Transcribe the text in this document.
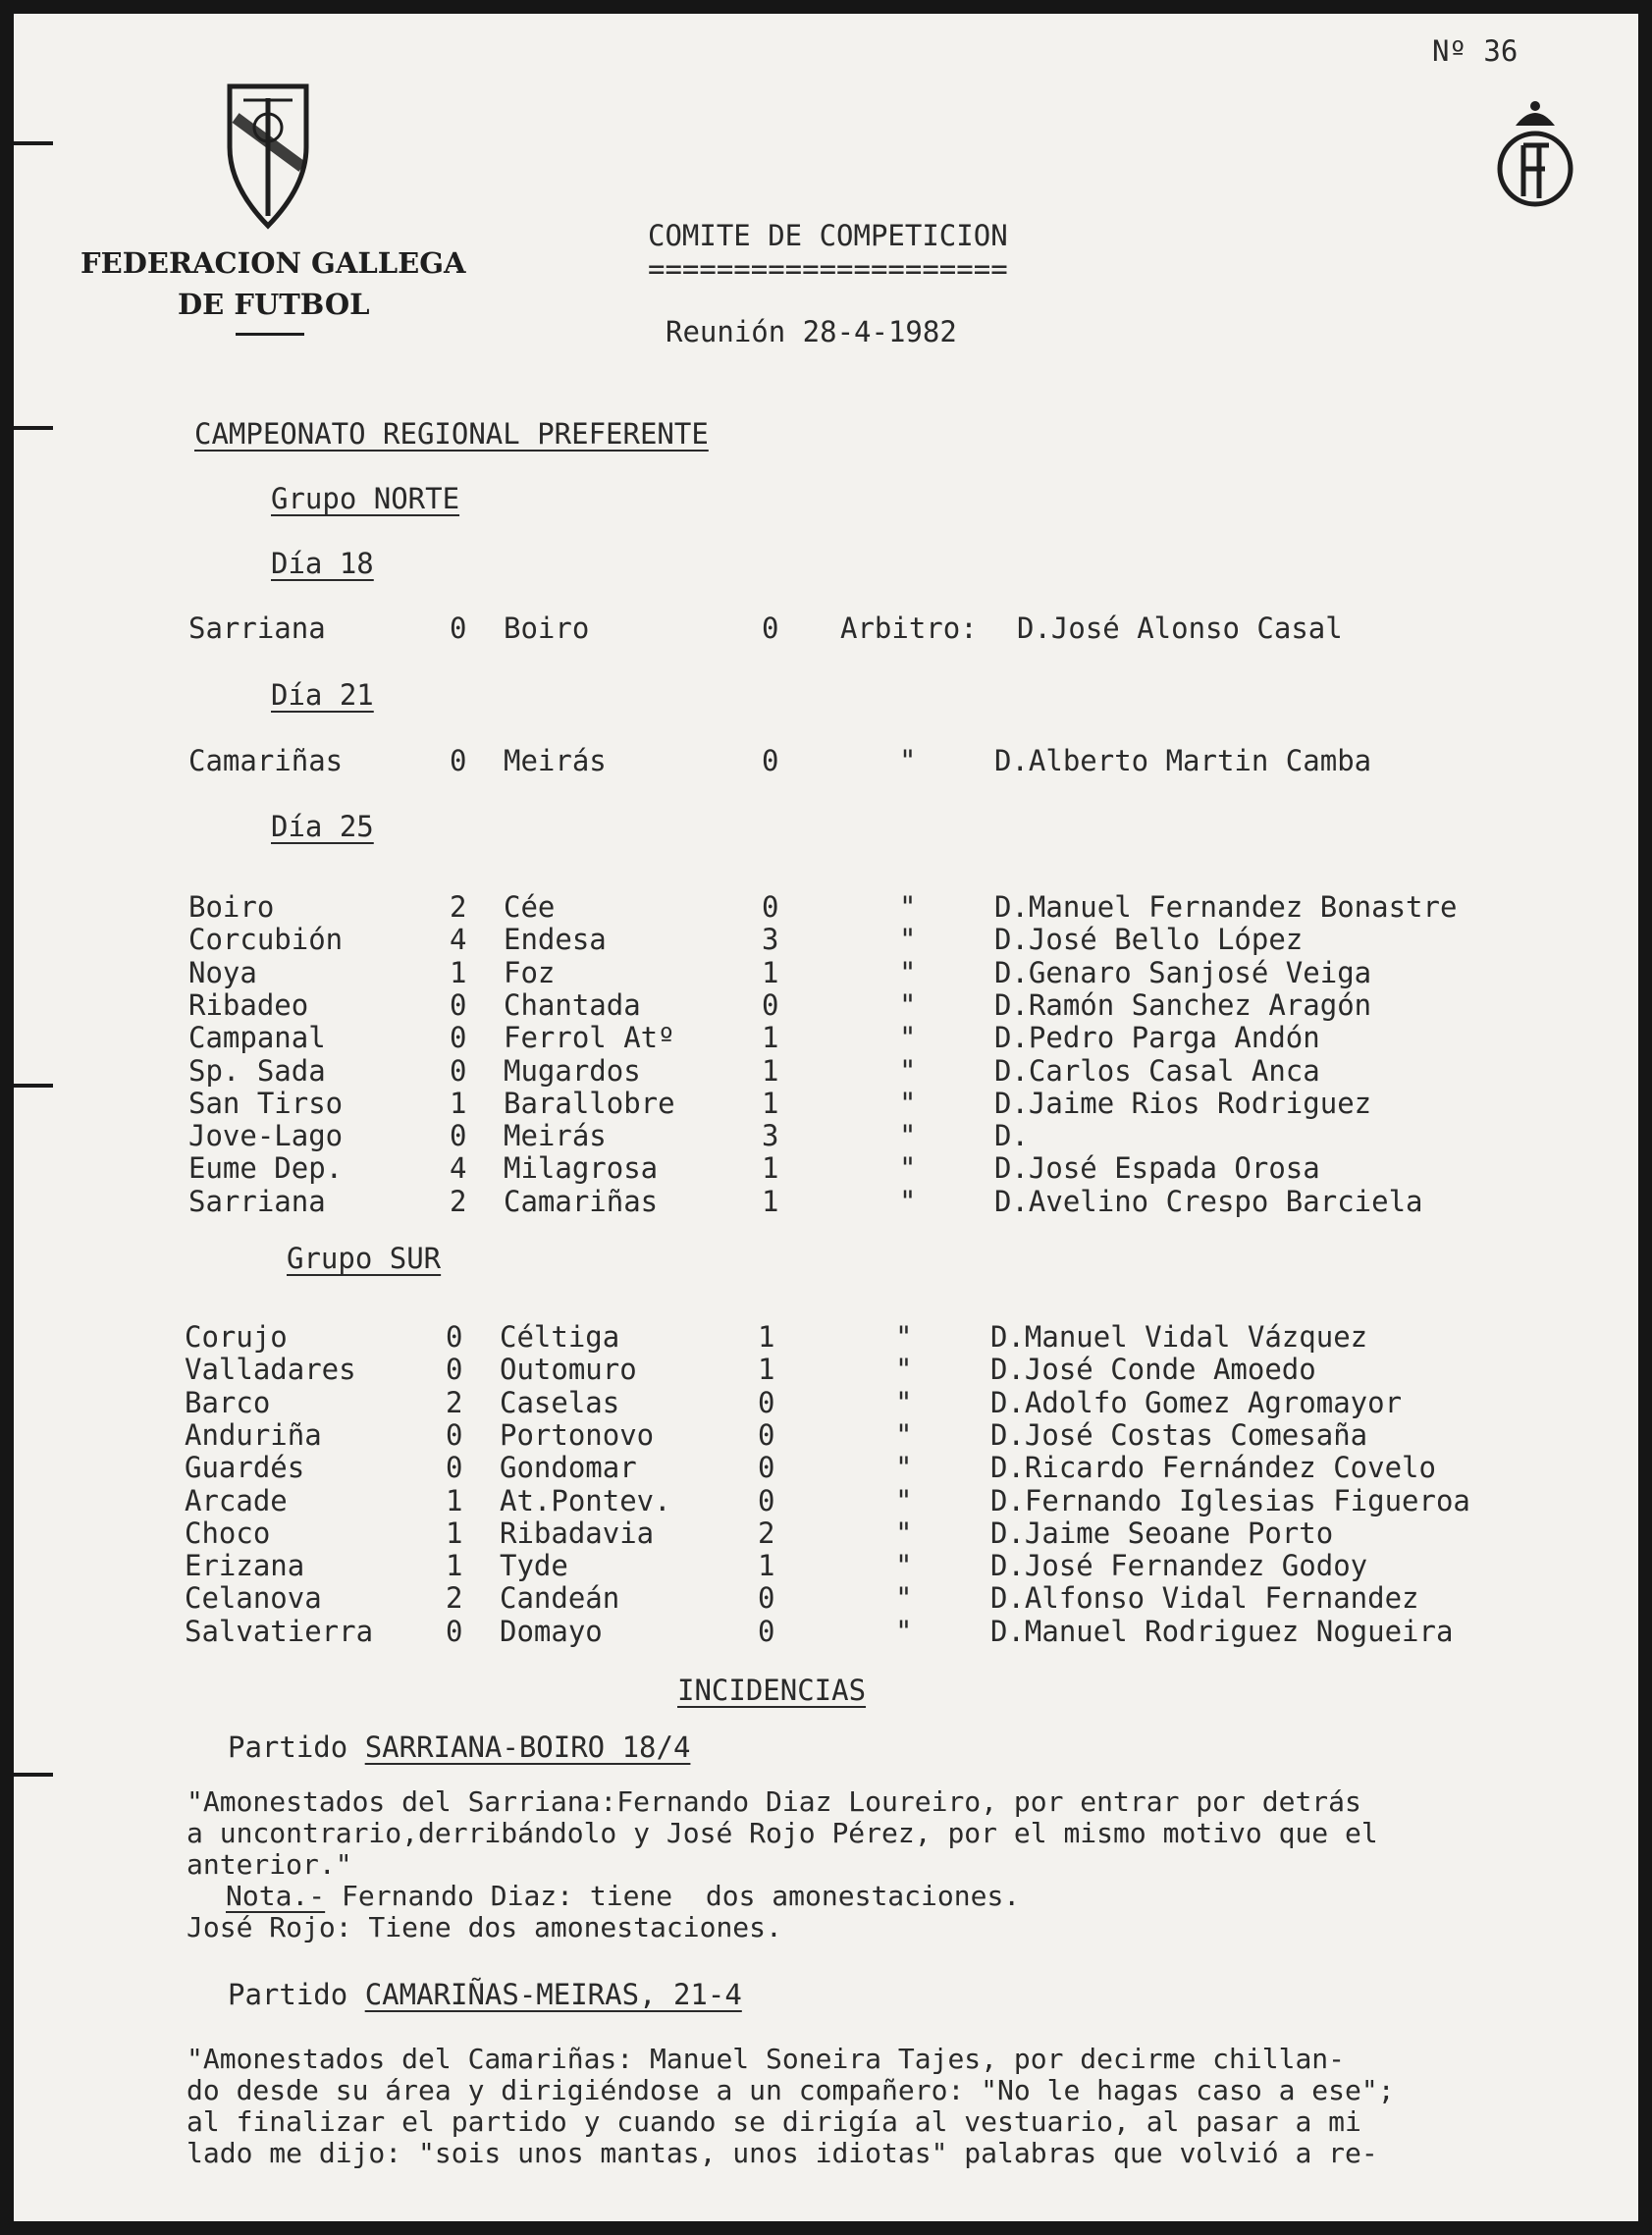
Nº 36
FEDERACION GALLEGA
DE FUTBOL
COMITE DE COMPETICION
=====================
Reunión 28-4-1982
CAMPEONATO REGIONAL PREFERENTE
Grupo NORTE
Día 18
Sarriana	0 Boiro	0 Arbitro: D.José Alonso Casal
Día 21
Camariñas	0 Meirás	0	"	D.Alberto Martin Camba
Día 25
Boiro	2 Cée	0	"	D.Manuel Fernandez Bonastre
Corcubión	4 Endesa	3	"	D.José Bello López
Noya	1 Foz	1	"	D.Genaro Sanjosé Veiga
Ribadeo	0 Chantada	0	"	D.Ramón Sanchez Aragón
Campanal	0 Ferrol Atº	1	"	D.Pedro Parga Andón
Sp. Sada	0 Mugardos	1	"	D.Carlos Casal Anca
San Tirso	1 Barallobre	1	"	D.Jaime Rios Rodriguez
Jove-Lago	0 Meirás	3	"	D.
Eume Dep.	4 Milagrosa	1	"	D.José Espada Orosa
Sarriana	2 Camariñas	1	"	D.Avelino Crespo Barciela
Grupo SUR
Corujo	0 Céltiga	1	"	D.Manuel Vidal Vázquez
Valladares	0 Outomuro	1	"	D.José Conde Amoedo
Barco	2 Caselas	0	"	D.Adolfo Gomez Agromayor
Anduriña	0 Portonovo	0	"	D.José Costas Comesaña
Guardés	0 Gondomar	0	"	D.Ricardo Fernández Covelo
Arcade	1 At.Pontev.	0	"	D.Fernando Iglesias Figueroa
Choco	1 Ribadavia	2	"	D.Jaime Seoane Porto
Erizana	1 Tyde	1	"	D.José Fernandez Godoy
Celanova	2 Candeán	0	"	D.Alfonso Vidal Fernandez
Salvatierra	0 Domayo	0	"	D.Manuel Rodriguez Nogueira
INCIDENCIAS
Partido SARRIANA-BOIRO 18/4
"Amonestados del Sarriana:Fernando Diaz Loureiro, por entrar por detrás
a uncontrario,derribándolo y José Rojo Pérez, por el mismo motivo que el
anterior."
Nota.- Fernando Diaz: tiene  dos amonestaciones.
José Rojo: Tiene dos amonestaciones.
Partido CAMARIÑAS-MEIRAS, 21-4
"Amonestados del Camariñas: Manuel Soneira Tajes, por decirme chillan-
do desde su área y dirigiéndose a un compañero: "No le hagas caso a ese";
al finalizar el partido y cuando se dirigía al vestuario, al pasar a mi
lado me dijo: "sois unos mantas, unos idiotas" palabras que volvió a re-
